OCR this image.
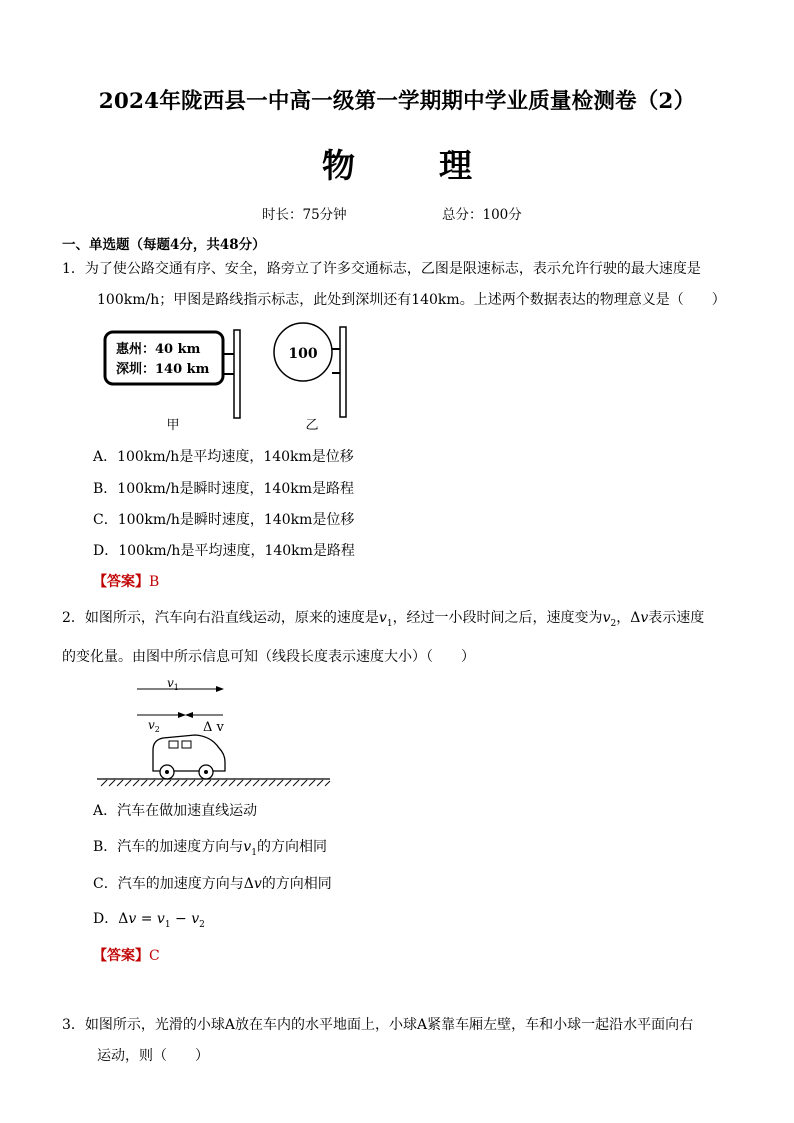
2024年陇西县一中高一级第一学期期中学业质量检测卷（2）
物	理
时长：75分钟	总分：100分
一、单选题（每题4分，共48分）
1．为了使公路交通有序、安全，路旁立了许多交通标志，乙图是限速标志，表示允许行驶的最大速度是
100km/h；甲图是路线指示标志，此处到深圳还有140km。上述两个数据表达的物理意义是（　　）
惠州：40 km
深圳：140 km
100
甲	乙
A．100km/h是平均速度，140km是位移
B．100km/h是瞬时速度，140km是路程
C．100km/h是瞬时速度，140km是位移
D．100km/h是平均速度，140km是路程
【答案】B
2．如图所示，汽车向右沿直线运动，原来的速度是$v_1$，经过一小段时间之后，速度变为$v_2$，Δv表示速度
的变化量。由图中所示信息可知（线段长度表示速度大小）（　　）
$v_1$
$v_2$	Δ v
A．汽车在做加速直线运动
B．汽车的加速度方向与$v_1$的方向相同
C．汽车的加速度方向与Δv的方向相同
D．$\Delta v = v_1 - v_2$
【答案】C
3．如图所示，光滑的小球A放在车内的水平地面上，小球A紧靠车厢左壁，车和小球一起沿水平面向右
运动，则（　　）
